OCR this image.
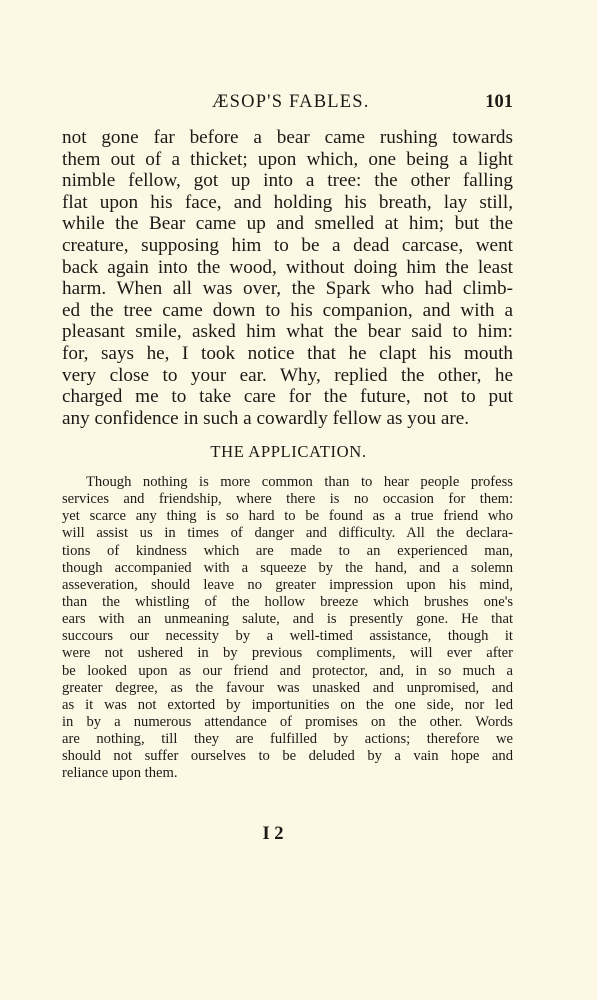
ÆSOP'S FABLES.	101
not gone far before a bear came rushing towards
them out of a thicket; upon which, one being a light
nimble fellow, got up into a tree: the other falling
flat upon his face, and holding his breath, lay still,
while the Bear came up and smelled at him; but the
creature, supposing him to be a dead carcase, went
back again into the wood, without doing him the least
harm. When all was over, the Spark who had climb-
ed the tree came down to his companion, and with a
pleasant smile, asked him what the bear said to him:
for, says he, I took notice that he clapt his mouth
very close to your ear. Why, replied the other, he
charged me to take care for the future, not to put
any confidence in such a cowardly fellow as you are.
THE APPLICATION.
Though nothing is more common than to hear people profess
services and friendship, where there is no occasion for them:
yet scarce any thing is so hard to be found as a true friend who
will assist us in times of danger and difficulty. All the declara-
tions of kindness which are made to an experienced man,
though accompanied with a squeeze by the hand, and a solemn
asseveration, should leave no greater impression upon his mind,
than the whistling of the hollow breeze which brushes one's
ears with an unmeaning salute, and is presently gone. He that
succours our necessity by a well-timed assistance, though it
were not ushered in by previous compliments, will ever after
be looked upon as our friend and protector, and, in so much a
greater degree, as the favour was unasked and unpromised, and
as it was not extorted by importunities on the one side, nor led
in by a numerous attendance of promises on the other. Words
are nothing, till they are fulfilled by actions; therefore we
should not suffer ourselves to be deluded by a vain hope and
reliance upon them.
I 2
